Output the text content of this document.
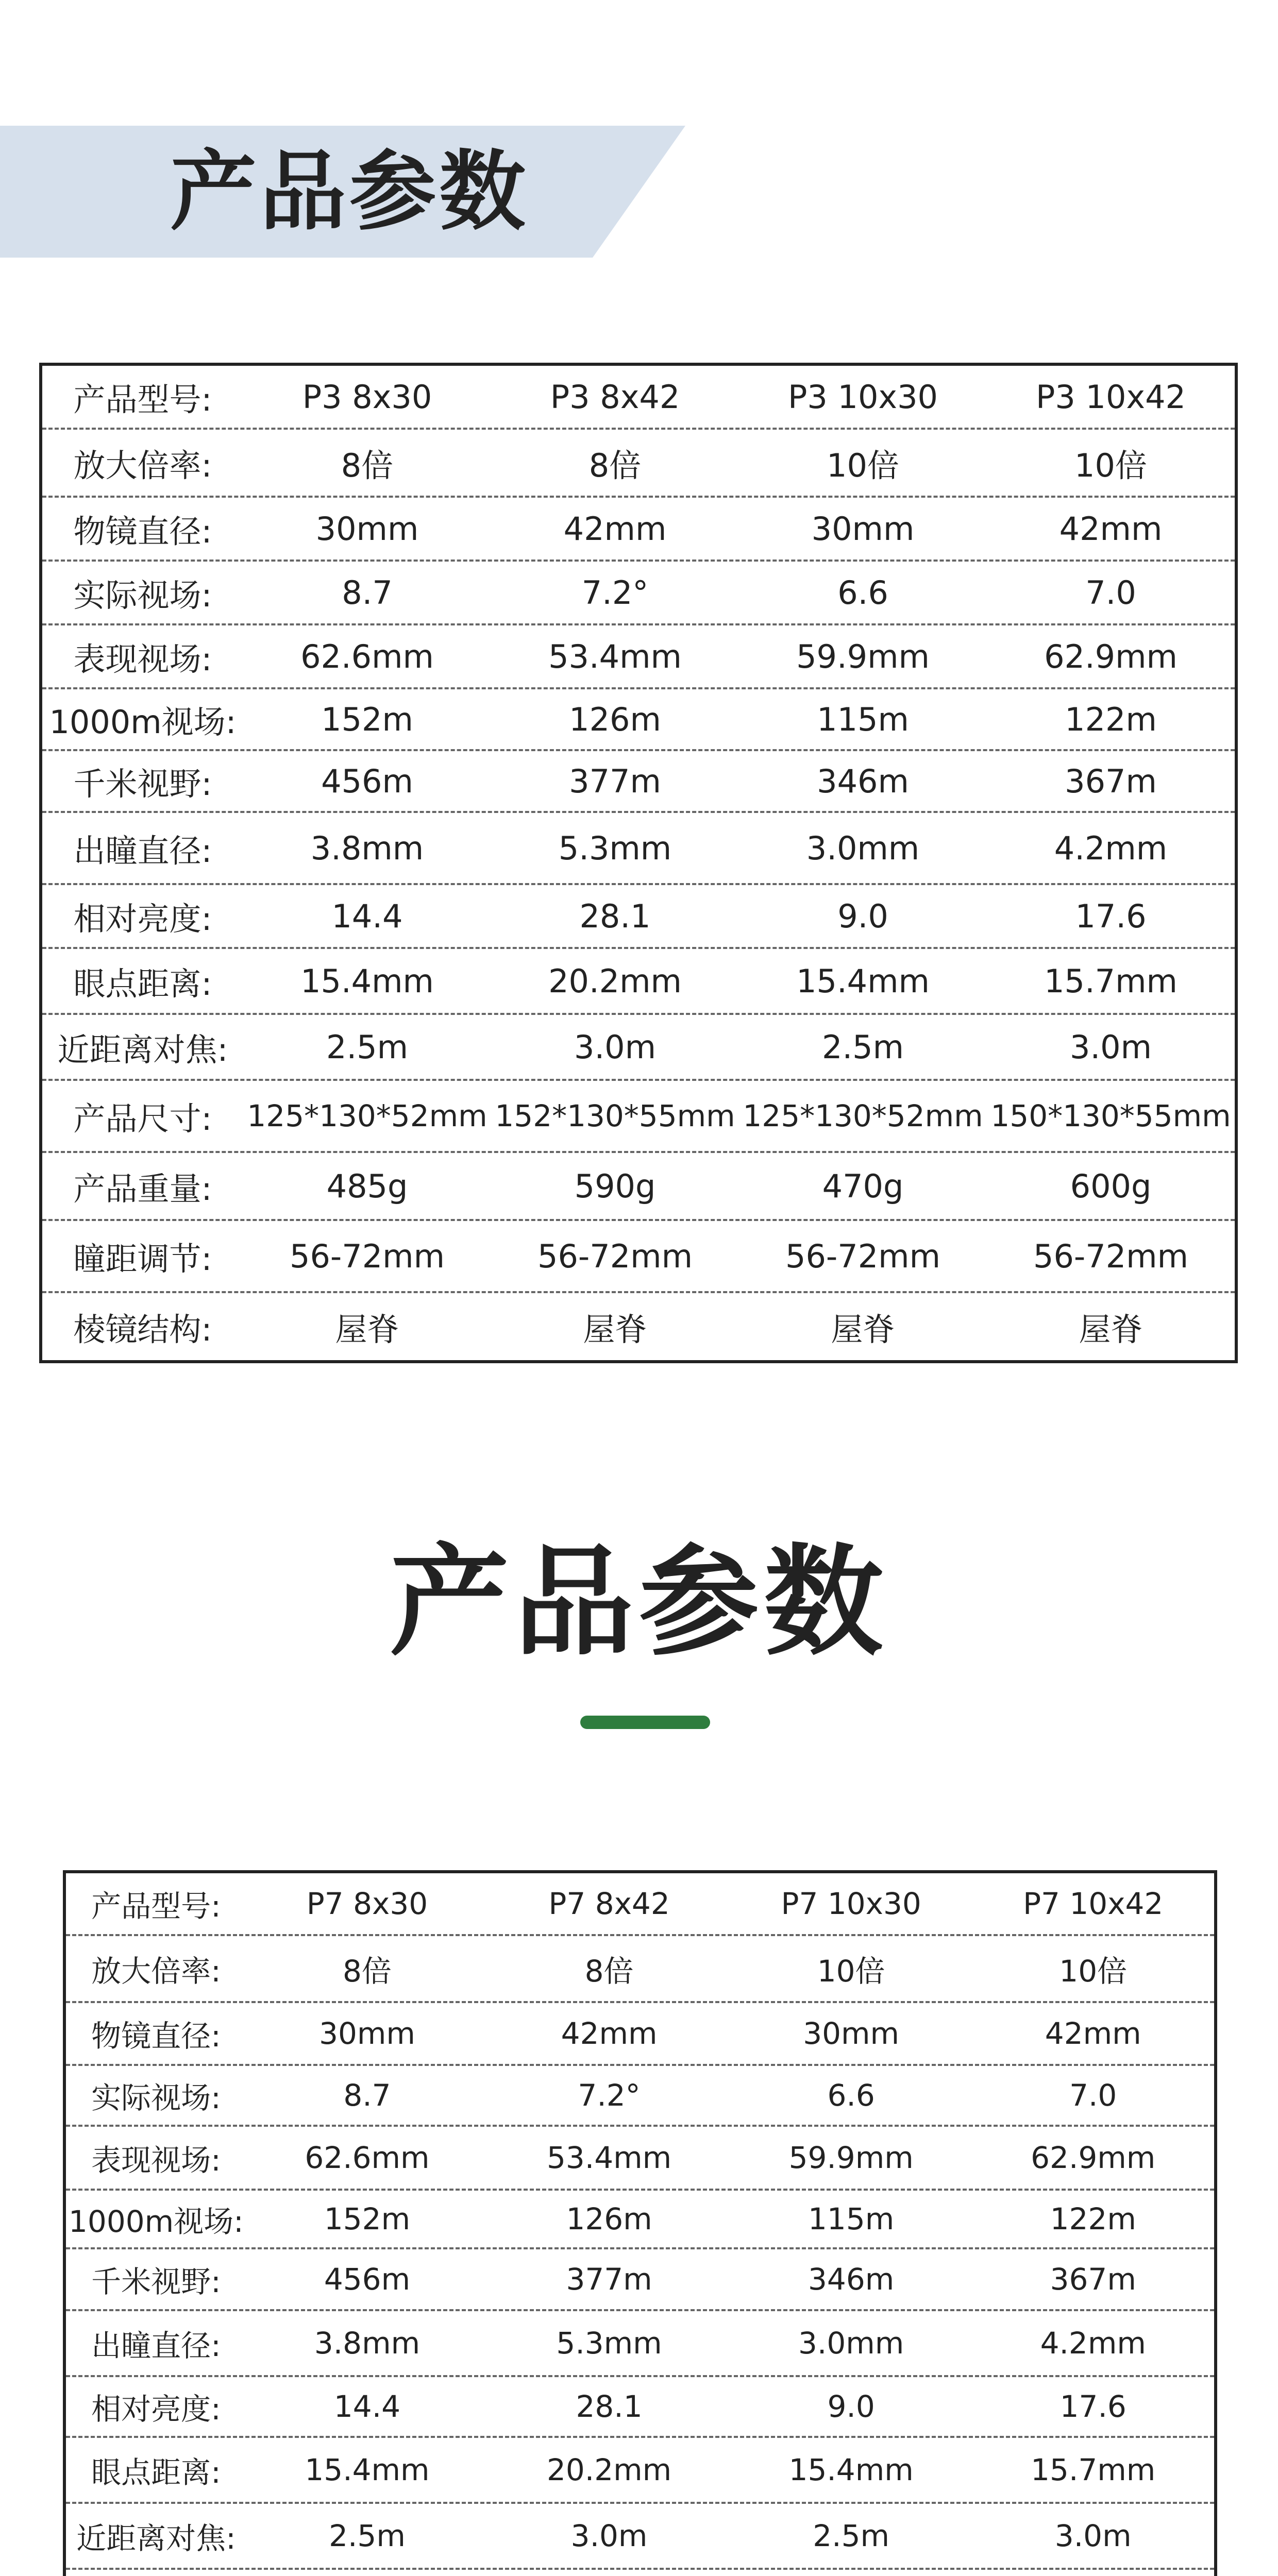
产品参数
产品型号:	P3 8x30	P3 8x42	P3 10x30	P3 10x42
放大倍率:	8倍	8倍	10倍	10倍
物镜直径:	30mm	42mm	30mm	42mm
实际视场:	8.7	7.2°	6.6	7.0
表现视场:	62.6mm	53.4mm	59.9mm	62.9mm
1000m视场:	152m	126m	115m	122m
千米视野:	456m	377m	346m	367m
出瞳直径:	3.8mm	5.3mm	3.0mm	4.2mm
相对亮度:	14.4	28.1	9.0	17.6
眼点距离:	15.4mm	20.2mm	15.4mm	15.7mm
近距离对焦:	2.5m	3.0m	2.5m	3.0m
产品尺寸:	125*130*52mm 152*130*55mm 125*130*52mm 150*130*55mm
产品重量:	485g	590g	470g	600g
瞳距调节:	56-72mm	56-72mm	56-72mm	56-72mm
棱镜结构:	屋脊	屋脊	屋脊	屋脊
产品参数
产品型号:	P7 8x30	P7 8x42	P7 10x30	P7 10x42
放大倍率:	8倍	8倍	10倍	10倍
物镜直径:	30mm	42mm	30mm	42mm
实际视场:	8.7	7.2°	6.6	7.0
表现视场:	62.6mm	53.4mm	59.9mm	62.9mm
1000m视场:	152m	126m	115m	122m
千米视野:	456m	377m	346m	367m
出瞳直径:	3.8mm	5.3mm	3.0mm	4.2mm
相对亮度:	14.4	28.1	9.0	17.6
眼点距离:	15.4mm	20.2mm	15.4mm	15.7mm
近距离对焦:	2.5m	3.0m	2.5m	3.0m
